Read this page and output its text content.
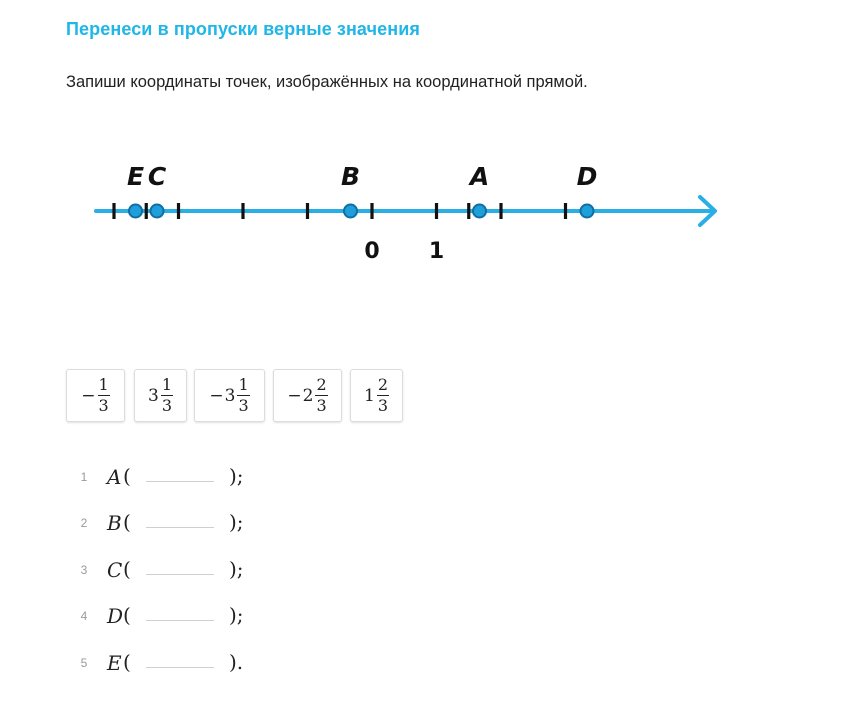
Перенеси в пропуски верные значения
Запиши координаты точек, изображённых на координатной прямой.
0 1
E C	B	A	D
− $\frac{1}{3} 3 \frac{1}{3} - 3 \frac{1}{3} - 2 \frac{2}{3} 1 \frac{2}{3}$
1 A (	);
2 B (	);
3 C (	);
4 D (	);
5 E (	).
